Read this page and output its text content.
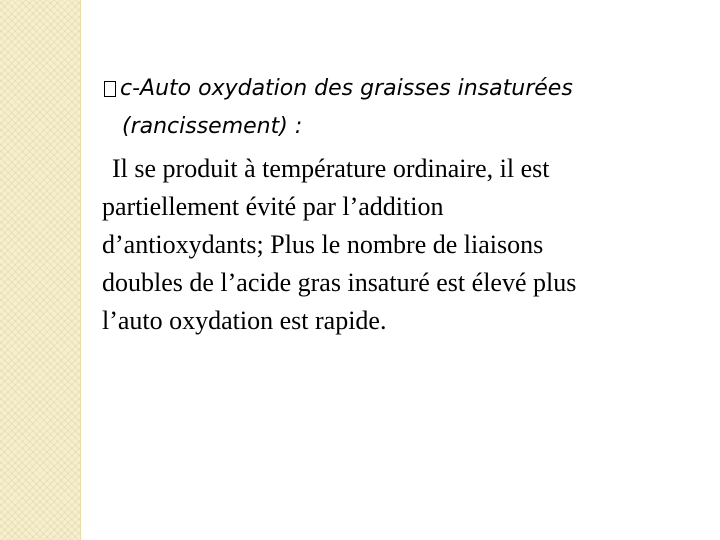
c-Auto oxydation des graisses insaturées
(rancissement) :
Il se produit à température ordinaire, il est
partiellement évité par l’addition
d’antioxydants; Plus le nombre de liaisons
doubles de l’acide gras insaturé est élevé plus
l’auto oxydation est rapide.
